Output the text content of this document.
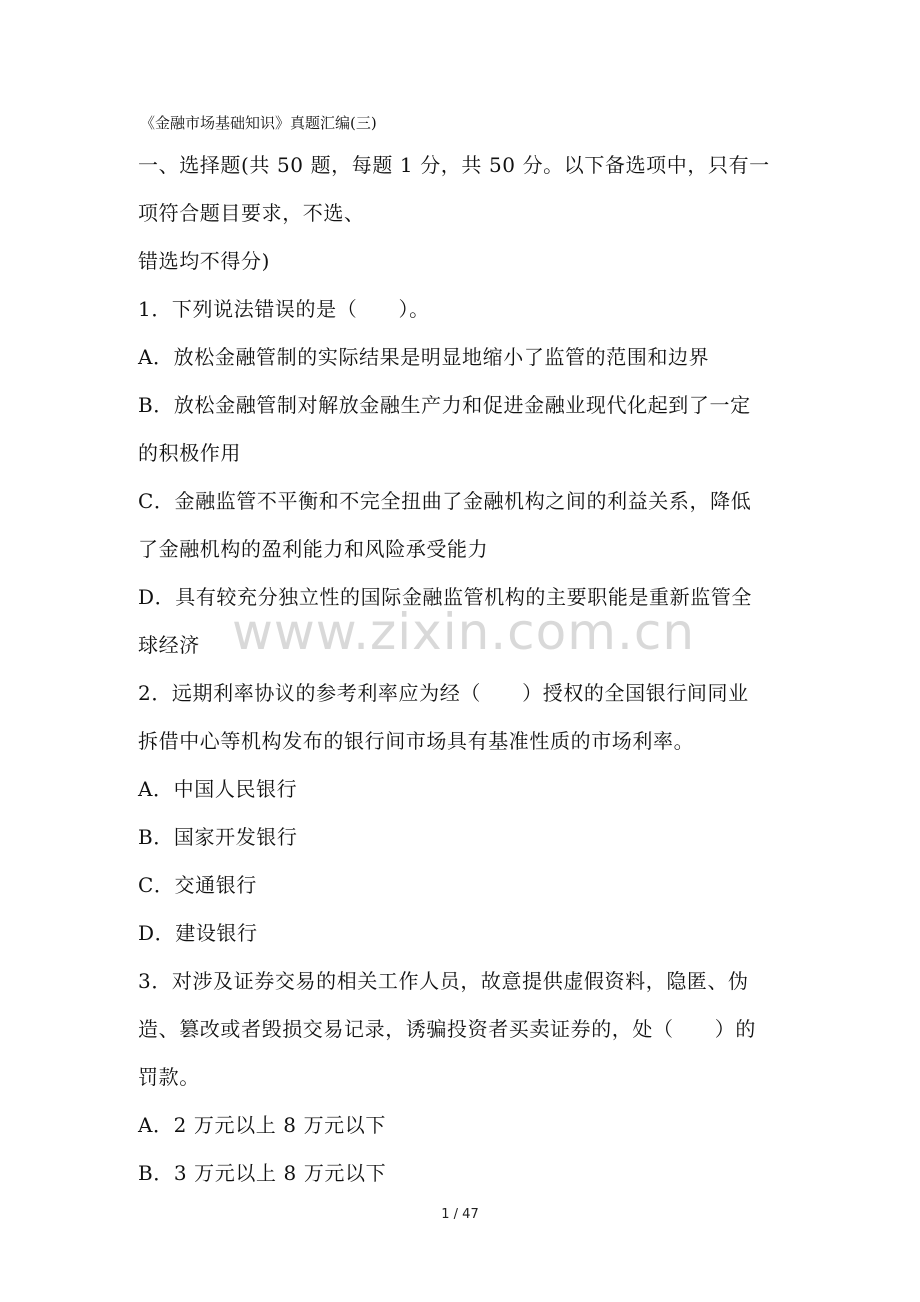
《金融市场基础知识》真题汇编(三)
一、选择题(共 50 题，每题 1 分，共 50 分。以下备选项中，只有一
项符合题目要求，不选、
错选均不得分)
1．下列说法错误的是（　　）。
A．放松金融管制的实际结果是明显地缩小了监管的范围和边界
B．放松金融管制对解放金融生产力和促进金融业现代化起到了一定
的积极作用
C．金融监管不平衡和不完全扭曲了金融机构之间的利益关系，降低
了金融机构的盈利能力和风险承受能力
D．具有较充分独立性的国际金融监管机构的主要职能是重新监管全
球经济
2．远期利率协议的参考利率应为经（　　）授权的全国银行间同业
拆借中心等机构发布的银行间市场具有基准性质的市场利率。
A．中国人民银行
B．国家开发银行
C．交通银行
D．建设银行
3．对涉及证券交易的相关工作人员，故意提供虚假资料，隐匿、伪
造、篡改或者毁损交易记录，诱骗投资者买卖证券的，处（　　）的
罚款。
A．2 万元以上 8 万元以下
B．3 万元以上 8 万元以下
www.zixin.com.cn
1 / 47
